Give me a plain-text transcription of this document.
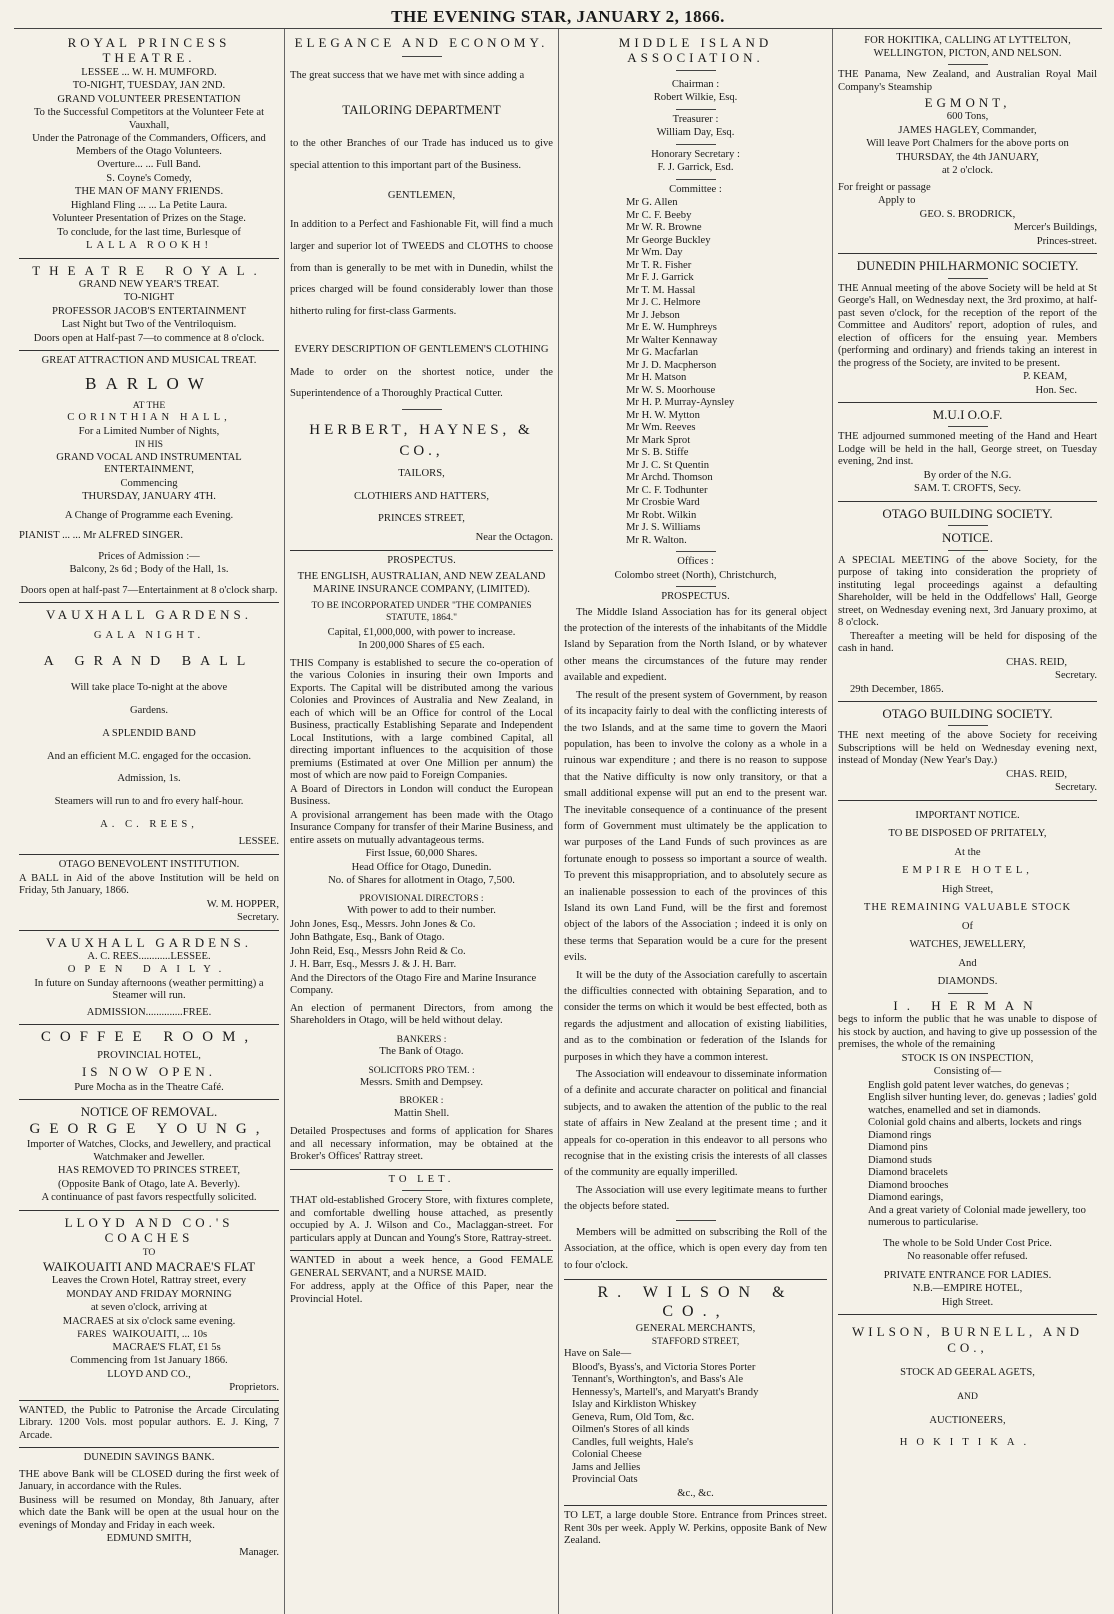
THE EVENING STAR, JANUARY 2, 1866.

ROYAL PRINCESS THEATRE.

LESSEE ... W. H. MUMFORD.

TO-NIGHT, TUESDAY, JAN 2ND.

GRAND VOLUNTEER PRESENTATION

To the Successful Competitors at the Volunteer Fete at Vauxhall,

Under the Patronage of the Commanders, Officers, and Members of the Otago Volunteers.

Overture... ... Full Band.

S. Coyne's Comedy,

THE MAN OF MANY FRIENDS.

Highland Fling ... ... La Petite Laura.

Volunteer Presentation of Prizes on the Stage.

To conclude, for the last time, Burlesque of

LALLA ROOKH!

THEATRE ROYAL.

GRAND NEW YEAR'S TREAT.

TO-NIGHT

PROFESSOR JACOB'S ENTERTAINMENT

Last Night but Two of the Ventriloquism.

Doors open at Half-past 7—to commence at 8 o'clock.

GREAT ATTRACTION AND MUSICAL TREAT.

BARLOW

AT THE

CORINTHIAN HALL,

For a Limited Number of Nights,

IN HIS

GRAND VOCAL AND INSTRUMENTAL ENTERTAINMENT,

Commencing

THURSDAY, JANUARY 4TH.

A Change of Programme each Evening.

PIANIST ... ... Mr ALFRED SINGER.

Prices of Admission :—

Balcony, 2s 6d ; Body of the Hall, 1s.

Doors open at half-past 7—Entertainment at 8 o'clock sharp.

VAUXHALL GARDENS.

GALA NIGHT.

A GRAND BALL

Will take place To-night at the above

Gardens.

A SPLENDID BAND

And an efficient M.C. engaged for the occasion.

Admission, 1s.

Steamers will run to and fro every half-hour.

A. C. REES,

LESSEE.

OTAGO BENEVOLENT INSTITUTION.

A BALL in Aid of the above Institution will be held on Friday, 5th January, 1866.

W. M. HOPPER,

Secretary.

VAUXHALL GARDENS.

A. C. REES............LESSEE.

OPEN DAILY.

In future on Sunday afternoons (weather permitting) a Steamer will run.

ADMISSION..............FREE.

COFFEE ROOM,

PROVINCIAL HOTEL,

IS NOW OPEN.

Pure Mocha as in the Theatre Café.

NOTICE OF REMOVAL.

GEORGE YOUNG,

Importer of Watches, Clocks, and Jewellery, and practical Watchmaker and Jeweller.

HAS REMOVED TO PRINCES STREET,

(Opposite Bank of Otago, late A. Beverly).

A continuance of past favors respectfully solicited.

LLOYD AND CO.'S COACHES

TO

WAIKOUAITI AND MACRAE'S FLAT

Leaves the Crown Hotel, Rattray street, every

MONDAY AND FRIDAY MORNING

at seven o'clock, arriving at

MACRAES at six o'clock same evening.

FARES WAIKOUAITI, ... 10s
MACRAE'S FLAT, £1 5s

Commencing from 1st January 1866.

LLOYD AND CO.,

Proprietors.

WANTED, the Public to Patronise the Arcade Circulating Library. 1200 Vols. most popular authors. E. J. King, 7 Arcade.

DUNEDIN SAVINGS BANK.

THE above Bank will be CLOSED during the first week of January, in accordance with the Rules.

Business will be resumed on Monday, 8th January, after which date the Bank will be open at the usual hour on the evenings of Monday and Friday in each week.

EDMUND SMITH,

Manager.

ELEGANCE AND ECONOMY.

The great success that we have met with since adding a

TAILORING DEPARTMENT

to the other Branches of our Trade has induced us to give special attention to this important part of the Business.

GENTLEMEN,

In addition to a Perfect and Fashionable Fit, will find a much larger and superior lot of TWEEDS and CLOTHS to choose from than is generally to be met with in Dunedin, whilst the prices charged will be found considerably lower than those hitherto ruling for first-class Garments.

EVERY DESCRIPTION OF GENTLEMEN'S CLOTHING

Made to order on the shortest notice, under the Superintendence of a Thoroughly Practical Cutter.

HERBERT, HAYNES, & CO.,

TAILORS,

CLOTHIERS AND HATTERS,

PRINCES STREET,

Near the Octagon.

PROSPECTUS.

THE ENGLISH, AUSTRALIAN, AND NEW ZEALAND MARINE INSURANCE COMPANY, (LIMITED).

TO BE INCORPORATED UNDER "THE COMPANIES STATUTE, 1864."

Capital, £1,000,000, with power to increase.

In 200,000 Shares of £5 each.

THIS Company is established to secure the co-operation of the various Colonies in insuring their own Imports and Exports. The Capital will be distributed among the various Colonies and Provinces of Australia and New Zealand, in each of which will be an Office for control of the Local Business, practically Establishing Separate and Independent Local Institutions, with a large combined Capital, all directing important influences to the acquisition of those premiums (Estimated at over One Million per annum) the most of which are now paid to Foreign Companies.

A Board of Directors in London will conduct the European Business.

A provisional arrangement has been made with the Otago Insurance Company for transfer of their Marine Business, and entire assets on mutually advantageous terms.

First Issue, 60,000 Shares.

Head Office for Otago, Dunedin.

No. of Shares for allotment in Otago, 7,500.

PROVISIONAL DIRECTORS :

With power to add to their number.

John Jones, Esq., Messrs. John Jones & Co.

John Bathgate, Esq., Bank of Otago.

John Reid, Esq., Messrs John Reid & Co.

J. H. Barr, Esq., Messrs J. & J. H. Barr.

And the Directors of the Otago Fire and Marine Insurance Company.

An election of permanent Directors, from among the Shareholders in Otago, will be held without delay.

BANKERS :

The Bank of Otago.

SOLICITORS PRO TEM. :

Messrs. Smith and Dempsey.

BROKER :

Mattin Shell.

Detailed Prospectuses and forms of application for Shares and all necessary information, may be obtained at the Broker's Offices' Rattray street.

TO LET.

THAT old-established Grocery Store, with fixtures complete, and comfortable dwelling house attached, as presently occupied by A. J. Wilson and Co., Maclaggan-street. For particulars apply at Duncan and Young's Store, Rattray-street.

WANTED in about a week hence, a Good FEMALE GENERAL SERVANT, and a NURSE MAID.

For address, apply at the Office of this Paper, near the Provincial Hotel.

MIDDLE ISLAND ASSOCIATION.

Chairman :

Robert Wilkie, Esq.

Treasurer :

William Day, Esq.

Honorary Secretary :

F. J. Garrick, Esd.

Committee :

Mr G. Allen

Mr C. F. Beeby

Mr W. R. Browne

Mr George Buckley

Mr Wm. Day

Mr T. R. Fisher

Mr F. J. Garrick

Mr T. M. Hassal

Mr J. C. Helmore

Mr J. Jebson

Mr E. W. Humphreys

Mr Walter Kennaway

Mr G. Macfarlan

Mr J. D. Macpherson

Mr H. Matson

Mr W. S. Moorhouse

Mr H. P. Murray-Aynsley

Mr H. W. Mytton

Mr Wm. Reeves

Mr Mark Sprot

Mr S. B. Stiffe

Mr J. C. St Quentin

Mr Archd. Thomson

Mr C. F. Todhunter

Mr Crosbie Ward

Mr Robt. Wilkin

Mr J. S. Williams

Mr R. Walton.

Offices :

Colombo street (North), Christchurch,

PROSPECTUS.

The Middle Island Association has for its general object the protection of the interests of the inhabitants of the Middle Island by Separation from the North Island, or by whatever other means the circumstances of the future may render available and expedient.

The result of the present system of Government, by reason of its incapacity fairly to deal with the conflicting interests of the two Islands, and at the same time to govern the Maori population, has been to involve the colony as a whole in a ruinous war expenditure ; and there is no reason to suppose that the Native difficulty is now only transitory, or that a small additional expense will put an end to the present war. The inevitable consequence of a continuance of the present form of Government must ultimately be the application to war purposes of the Land Funds of such provinces as are fortunate enough to possess so important a source of wealth. To prevent this misappropriation, and to absolutely secure as an inalienable possession to each of the provinces of this Island its own Land Fund, will be the first and foremost object of the labors of the Association ; indeed it is only on these terms that Separation would be a cure for the present evils.

It will be the duty of the Association carefully to ascertain the difficulties connected with obtaining Separation, and to consider the terms on which it would be best effected, both as regards the adjustment and allocation of existing liabilities, and as to the combination or federation of the Islands for purposes in which they have a common interest.

The Association will endeavour to disseminate information of a definite and accurate character on political and financial subjects, and to awaken the attention of the public to the real state of affairs in New Zealand at the present time ; and it appeals for co-operation in this endeavor to all persons who recognise that in the existing crisis the interests of all classes of the community are equally imperilled.

The Association will use every legitimate means to further the objects before stated.

Members will be admitted on subscribing the Roll of the Association, at the office, which is open every day from ten to four o'clock.

R. WILSON & CO.,

GENERAL MERCHANTS,

STAFFORD STREET,

Have on Sale—

Blood's, Byass's, and Victoria Stores Porter

Tennant's, Worthington's, and Bass's Ale

Hennessy's, Martell's, and Maryatt's Brandy

Islay and Kirkliston Whiskey

Geneva, Rum, Old Tom, &c.

Oilmen's Stores of all kinds

Candles, full weights, Hale's

Colonial Cheese

Jams and Jellies

Provincial Oats

&c., &c.

TO LET, a large double Store. Entrance from Princes street. Rent 30s per week. Apply W. Perkins, opposite Bank of New Zealand.

FOR HOKITIKA, CALLING AT LYTTELTON, WELLINGTON, PICTON, AND NELSON.

THE Panama, New Zealand, and Australian Royal Mail Company's Steamship

EGMONT,

600 Tons,

JAMES HAGLEY, Commander,

Will leave Port Chalmers for the above ports on

THURSDAY, the 4th JANUARY,

at 2 o'clock.

For freight or passage

Apply to

GEO. S. BRODRICK,

Mercer's Buildings,

Princes-street.

DUNEDIN PHILHARMONIC SOCIETY.

THE Annual meeting of the above Society will be held at St George's Hall, on Wednesday next, the 3rd proximo, at half-past seven o'clock, for the reception of the report of the Committee and Auditors' report, adoption of rules, and election of officers for the ensuing year. Members (performing and ordinary) and friends taking an interest in the progress of the Society, are invited to be present.

P. KEAM,

Hon. Sec.

M.U.I O.O.F.

THE adjourned summoned meeting of the Hand and Heart Lodge will be held in the hall, George street, on Tuesday evening, 2nd inst.

By order of the N.G.

SAM. T. CROFTS, Secy.

OTAGO BUILDING SOCIETY.

NOTICE.

A SPECIAL MEETING of the above Society, for the purpose of taking into consideration the propriety of instituting legal proceedings against a defaulting Shareholder, will be held in the Oddfellows' Hall, George street, on Wednesday evening next, 3rd January proximo, at 8 o'clock.

Thereafter a meeting will be held for disposing of the cash in hand.

CHAS. REID,

Secretary.

29th December, 1865.

OTAGO BUILDING SOCIETY.

THE next meeting of the above Society for receiving Subscriptions will be held on Wednesday evening next, instead of Monday (New Year's Day.)

CHAS. REID,

Secretary.

IMPORTANT NOTICE.

TO BE DISPOSED OF PRITATELY,

At the

EMPIRE HOTEL,

High Street,

THE REMAINING VALUABLE STOCK

Of

WATCHES, JEWELLERY,

And

DIAMONDS.

I. HERMAN

begs to inform the public that he was unable to dispose of his stock by auction, and having to give up possession of the premises, the whole of the remaining

STOCK IS ON INSPECTION,

Consisting of—

English gold patent lever watches, do genevas ; English silver hunting lever, do. genevas ; ladies' gold watches, enamelled and set in diamonds.

Colonial gold chains and alberts, lockets and rings

Diamond rings

Diamond pins

Diamond studs

Diamond bracelets

Diamond brooches

Diamond earings,

And a great variety of Colonial made jewellery, too numerous to particularise.

The whole to be Sold Under Cost Price.

No reasonable offer refused.

PRIVATE ENTRANCE FOR LADIES.

N.B.—EMPIRE HOTEL,

High Street.

WILSON, BURNELL, AND CO.,

STOCK AD GEERAL AGETS,

AND

AUCTIONEERS,

HOKITIKA.
